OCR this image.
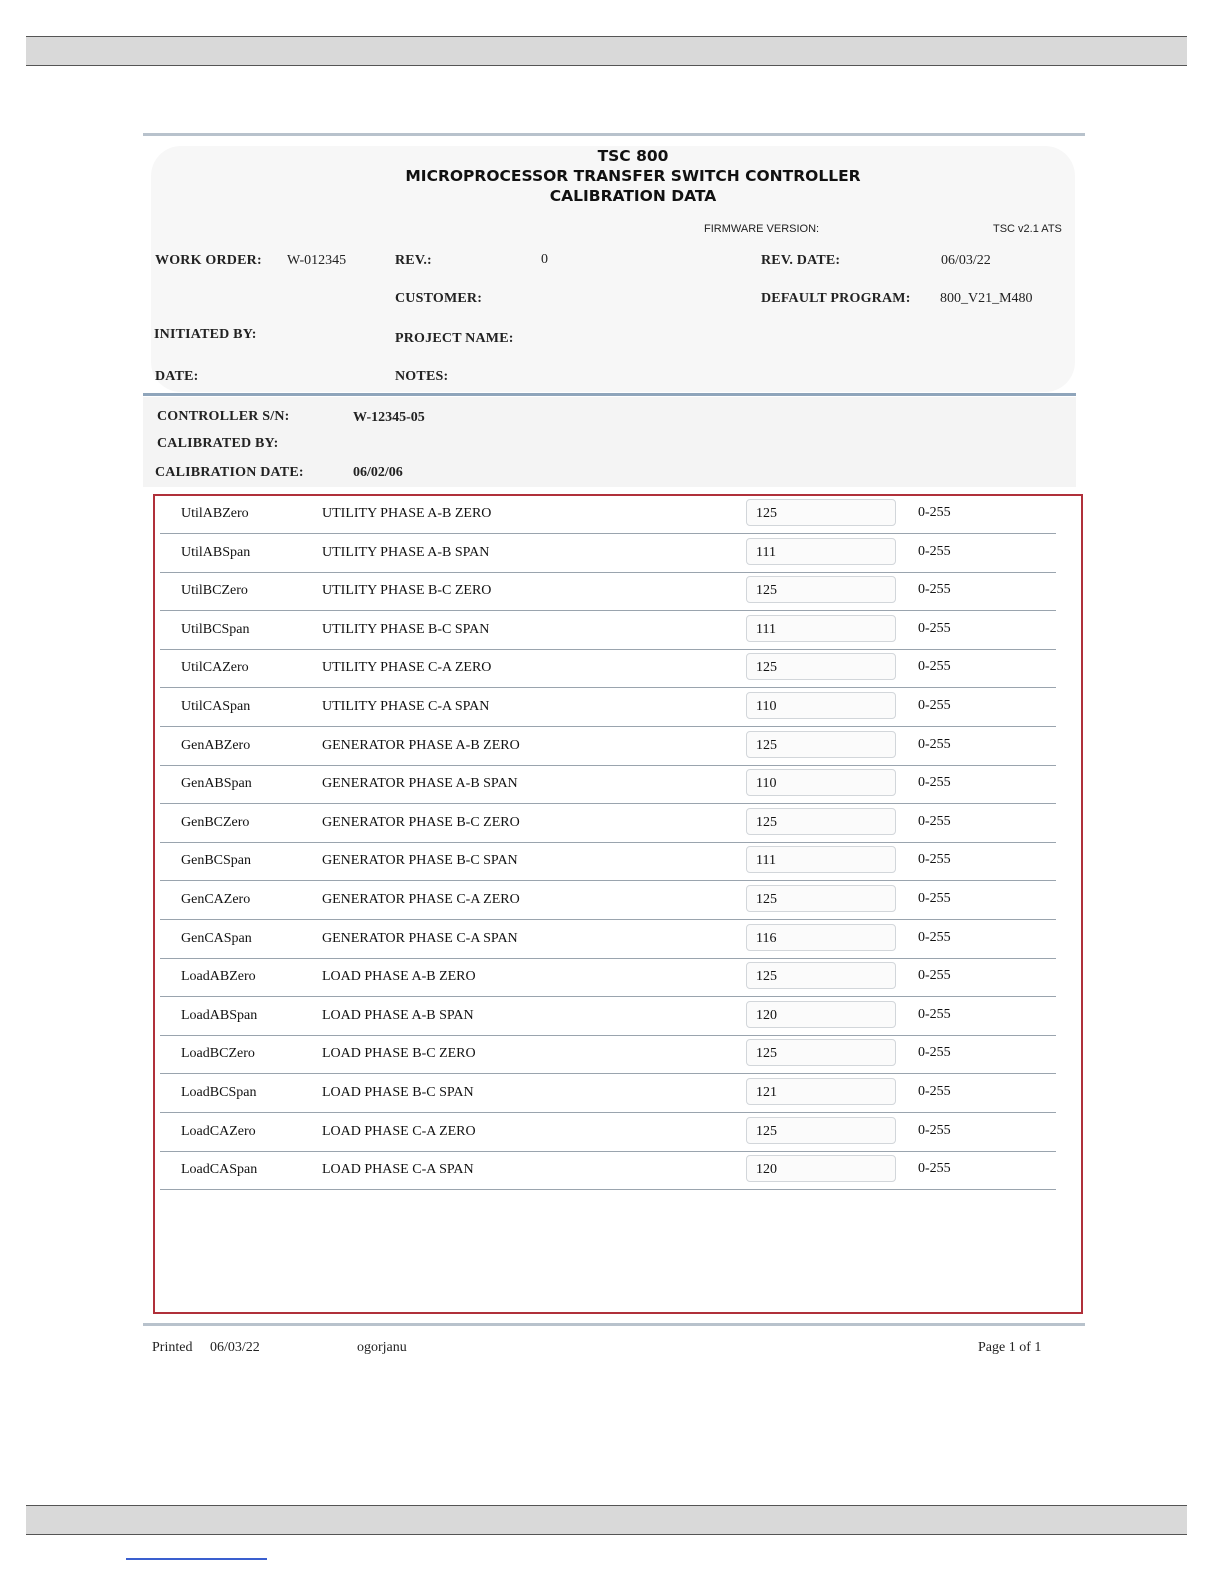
TSC 800
MICROPROCESSOR TRANSFER SWITCH CONTROLLER
CALIBRATION DATA
FIRMWARE VERSION:	TSC v2.1 ATS
WORK ORDER: W-012345	REV.:	0	REV. DATE:	06/03/22
CUSTOMER:	DEFAULT PROGRAM: 800_V21_M480
INITIATED BY:	PROJECT NAME:
DATE:	NOTES:
CONTROLLER S/N:	W-12345-05
CALIBRATED BY:
CALIBRATION DATE:	06/02/06
UtilABZero	UTILITY PHASE A-B ZERO	125	0-255
UtilABSpan	UTILITY PHASE A-B SPAN	111	0-255
UtilBCZero	UTILITY PHASE B-C ZERO	125	0-255
UtilBCSpan	UTILITY PHASE B-C SPAN	111	0-255
UtilCAZero	UTILITY PHASE C-A ZERO	125	0-255
UtilCASpan	UTILITY PHASE C-A SPAN	110	0-255
GenABZero	GENERATOR PHASE A-B ZERO	125	0-255
GenABSpan	GENERATOR PHASE A-B SPAN	110	0-255
GenBCZero	GENERATOR PHASE B-C ZERO	125	0-255
GenBCSpan	GENERATOR PHASE B-C SPAN	111	0-255
GenCAZero	GENERATOR PHASE C-A ZERO	125	0-255
GenCASpan	GENERATOR PHASE C-A SPAN	116	0-255
LoadABZero	LOAD PHASE A-B ZERO	125	0-255
LoadABSpan	LOAD PHASE A-B SPAN	120	0-255
LoadBCZero	LOAD PHASE B-C ZERO	125	0-255
LoadBCSpan	LOAD PHASE B-C SPAN	121	0-255
LoadCAZero	LOAD PHASE C-A ZERO	125	0-255
LoadCASpan	LOAD PHASE C-A SPAN	120	0-255
Printed 06/03/22	ogorjanu	Page 1 of 1
